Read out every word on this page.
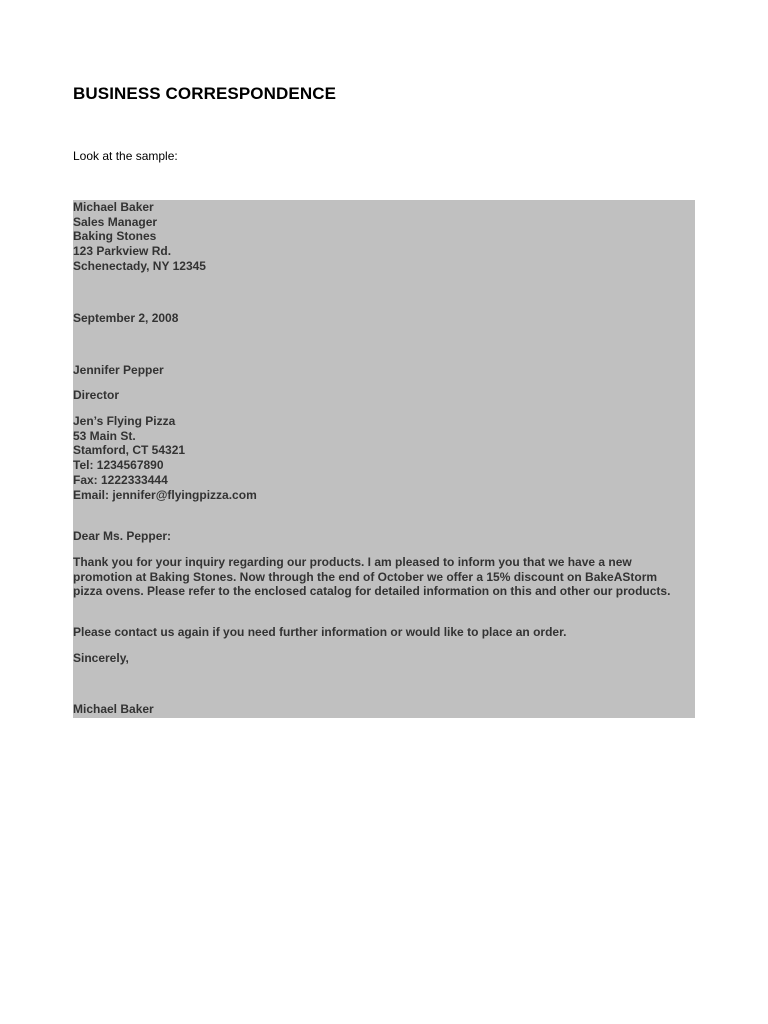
BUSINESS CORRESPONDENCE
Look at the sample:
Michael Baker
Sales Manager
Baking Stones
123 Parkview Rd.
Schenectady, NY 12345
September 2, 2008
Jennifer Pepper
Director
Jen’s Flying Pizza
53 Main St.
Stamford, CT 54321
Tel: 1234567890
Fax: 1222333444
Email: jennifer@flyingpizza.com
Dear Ms. Pepper:

Thank you for your inquiry regarding our products. I am pleased to inform you that we have a new promotion at Baking Stones. Now through the end of October we offer a 15% discount on BakeAStorm pizza ovens. Please refer to the enclosed catalog for detailed information on this and other our products.

Please contact us again if you need further information or would like to place an order.

Sincerely,
Michael Baker
